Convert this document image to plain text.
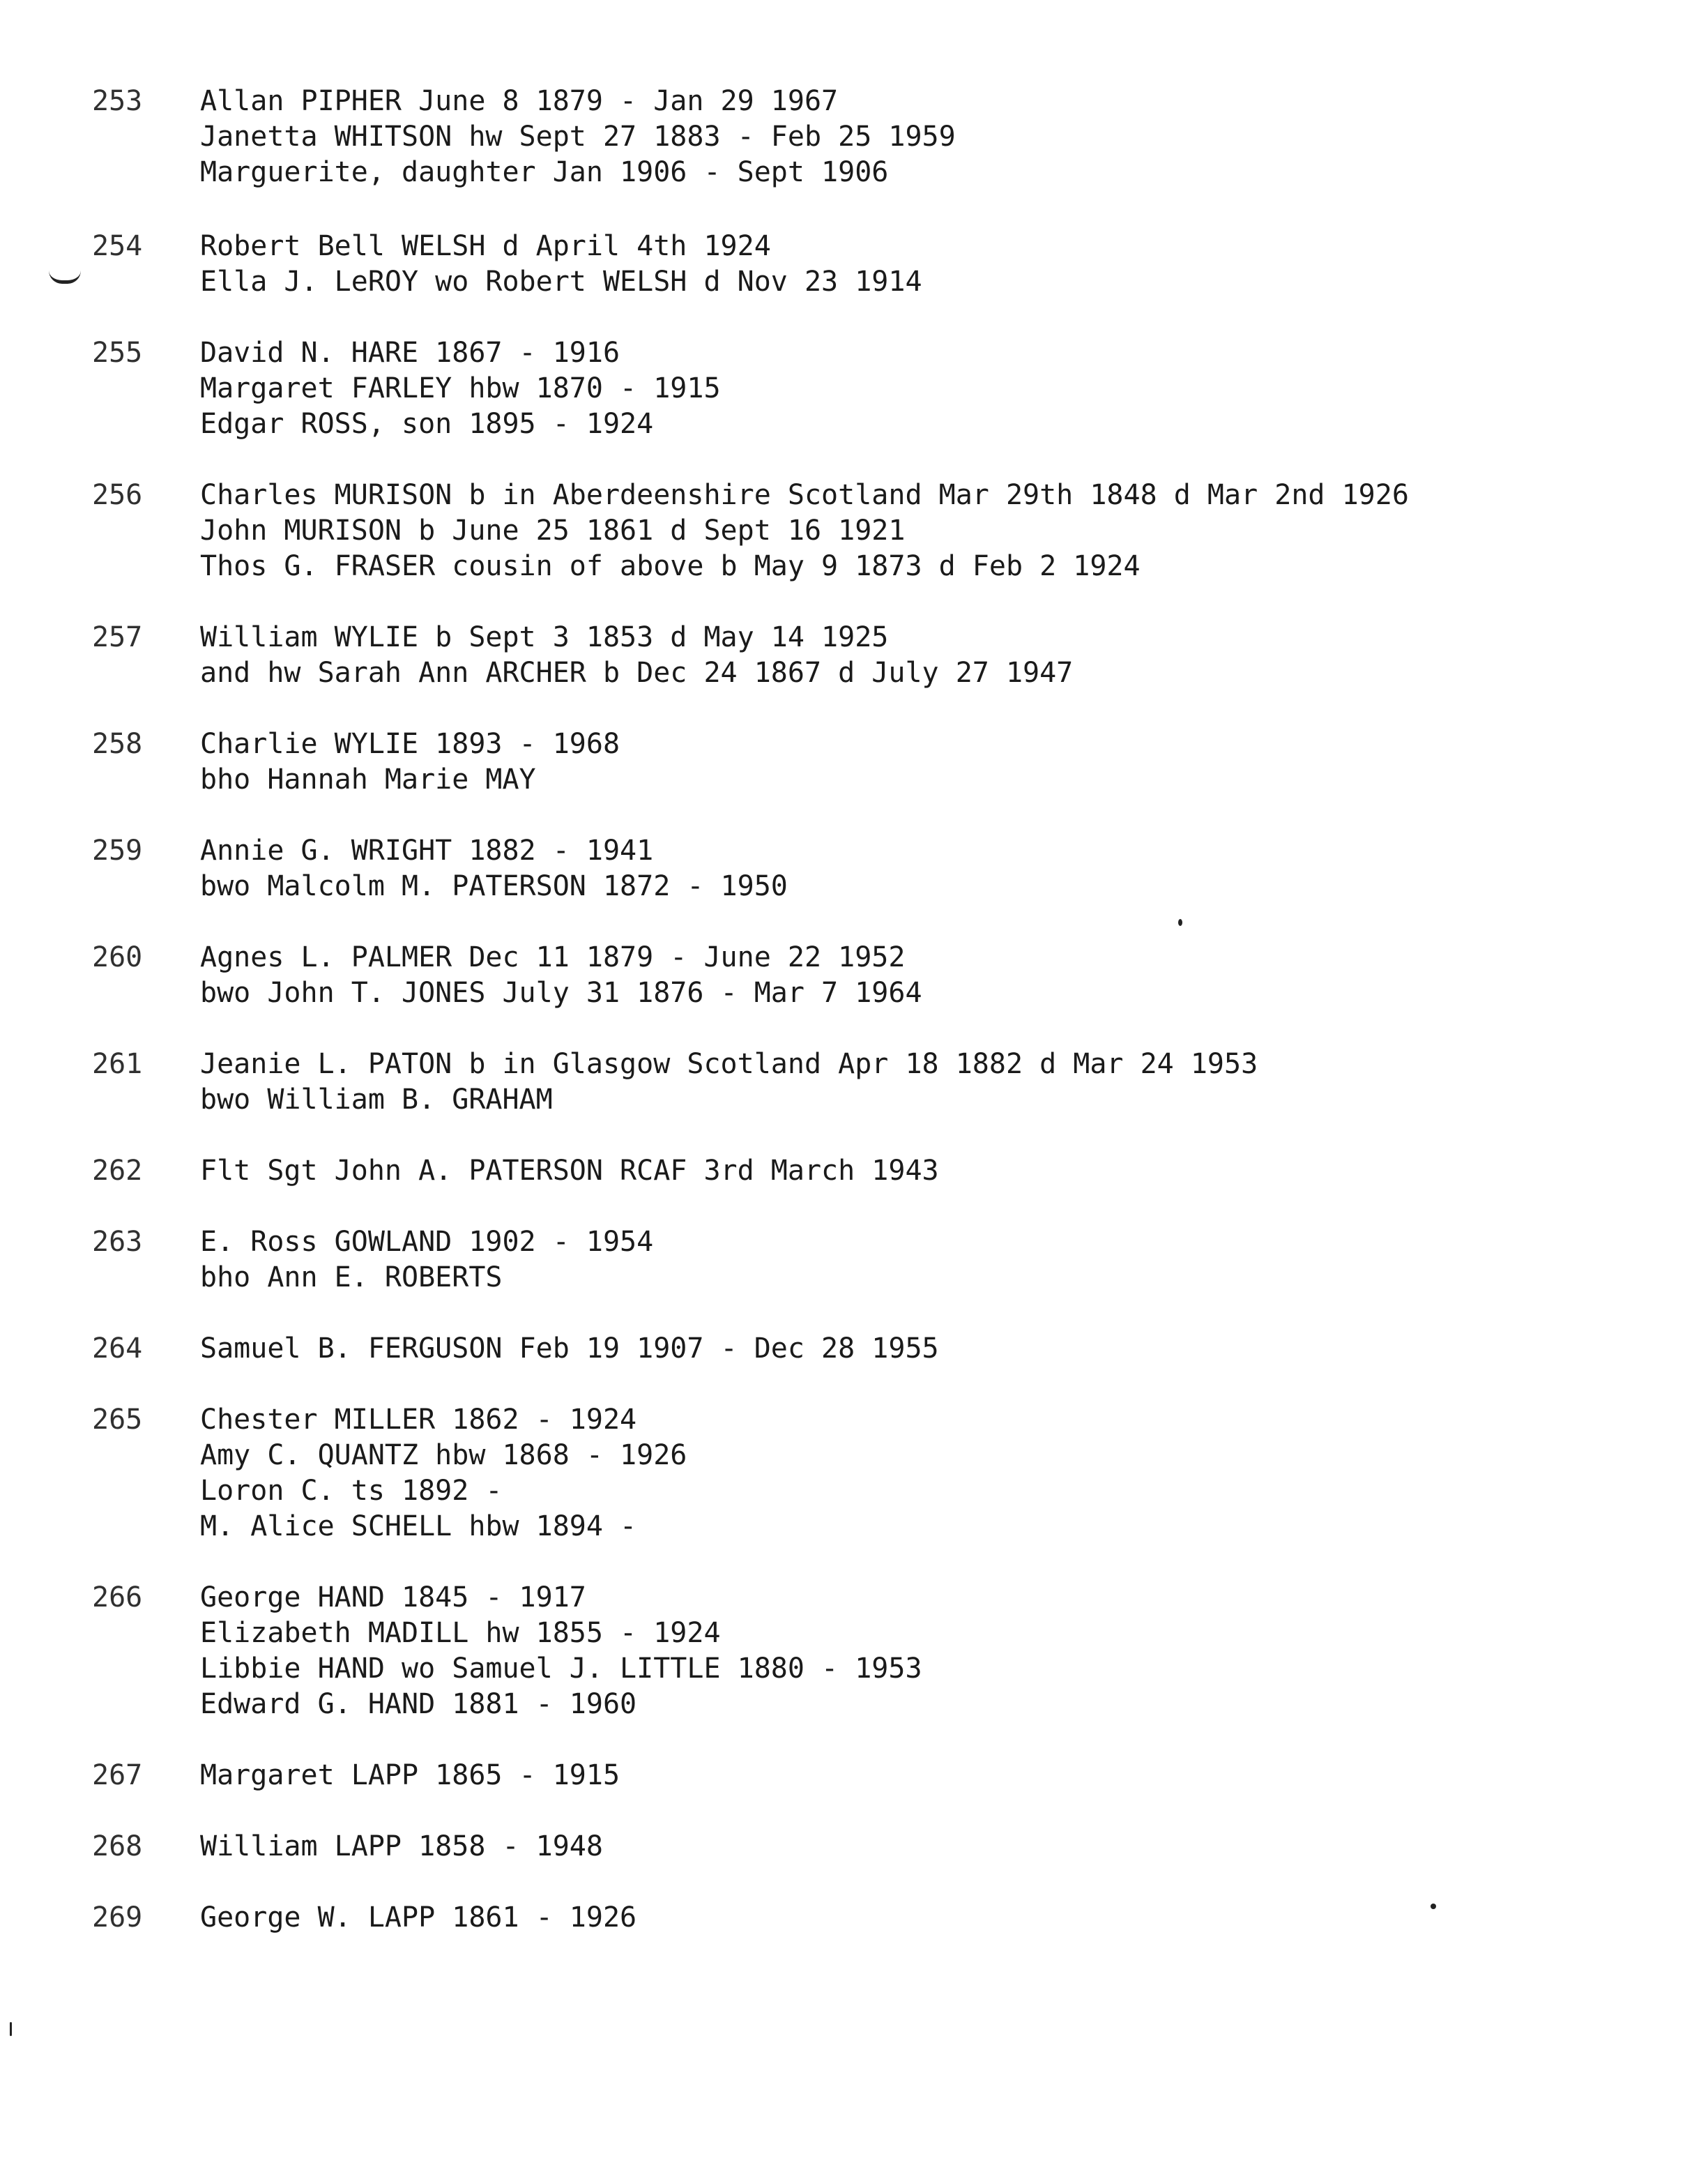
253	Allan PIPHER June 8 1879 - Jan 29 1967
Janetta WHITSON hw Sept 27 1883 - Feb 25 1959
Marguerite, daughter Jan 1906 - Sept 1906
254	Robert Bell WELSH d April 4th 1924
Ella J. LeROY wo Robert WELSH d Nov 23 1914
255	David N. HARE 1867 - 1916
Margaret FARLEY hbw 1870 - 1915
Edgar ROSS, son 1895 - 1924
256	Charles MURISON b in Aberdeenshire Scotland Mar 29th 1848 d Mar 2nd 1926
John MURISON b June 25 1861 d Sept 16 1921
Thos G. FRASER cousin of above b May 9 1873 d Feb 2 1924
257	William WYLIE b Sept 3 1853 d May 14 1925
and hw Sarah Ann ARCHER b Dec 24 1867 d July 27 1947
258	Charlie WYLIE 1893 - 1968
bho Hannah Marie MAY
259	Annie G. WRIGHT 1882 - 1941
bwo Malcolm M. PATERSON 1872 - 1950
260	Agnes L. PALMER Dec 11 1879 - June 22 1952
bwo John T. JONES July 31 1876 - Mar 7 1964
261	Jeanie L. PATON b in Glasgow Scotland Apr 18 1882 d Mar 24 1953
bwo William B. GRAHAM
262	Flt Sgt John A. PATERSON RCAF 3rd March 1943
263	E. Ross GOWLAND 1902 - 1954
bho Ann E. ROBERTS
264	Samuel B. FERGUSON Feb 19 1907 - Dec 28 1955
265	Chester MILLER 1862 - 1924
Amy C. QUANTZ hbw 1868 - 1926
Loron C. ts 1892 -
M. Alice SCHELL hbw 1894 -
266	George HAND 1845 - 1917
Elizabeth MADILL hw 1855 - 1924
Libbie HAND wo Samuel J. LITTLE 1880 - 1953
Edward G. HAND 1881 - 1960
267	Margaret LAPP 1865 - 1915
268	William LAPP 1858 - 1948
269	George W. LAPP 1861 - 1926
